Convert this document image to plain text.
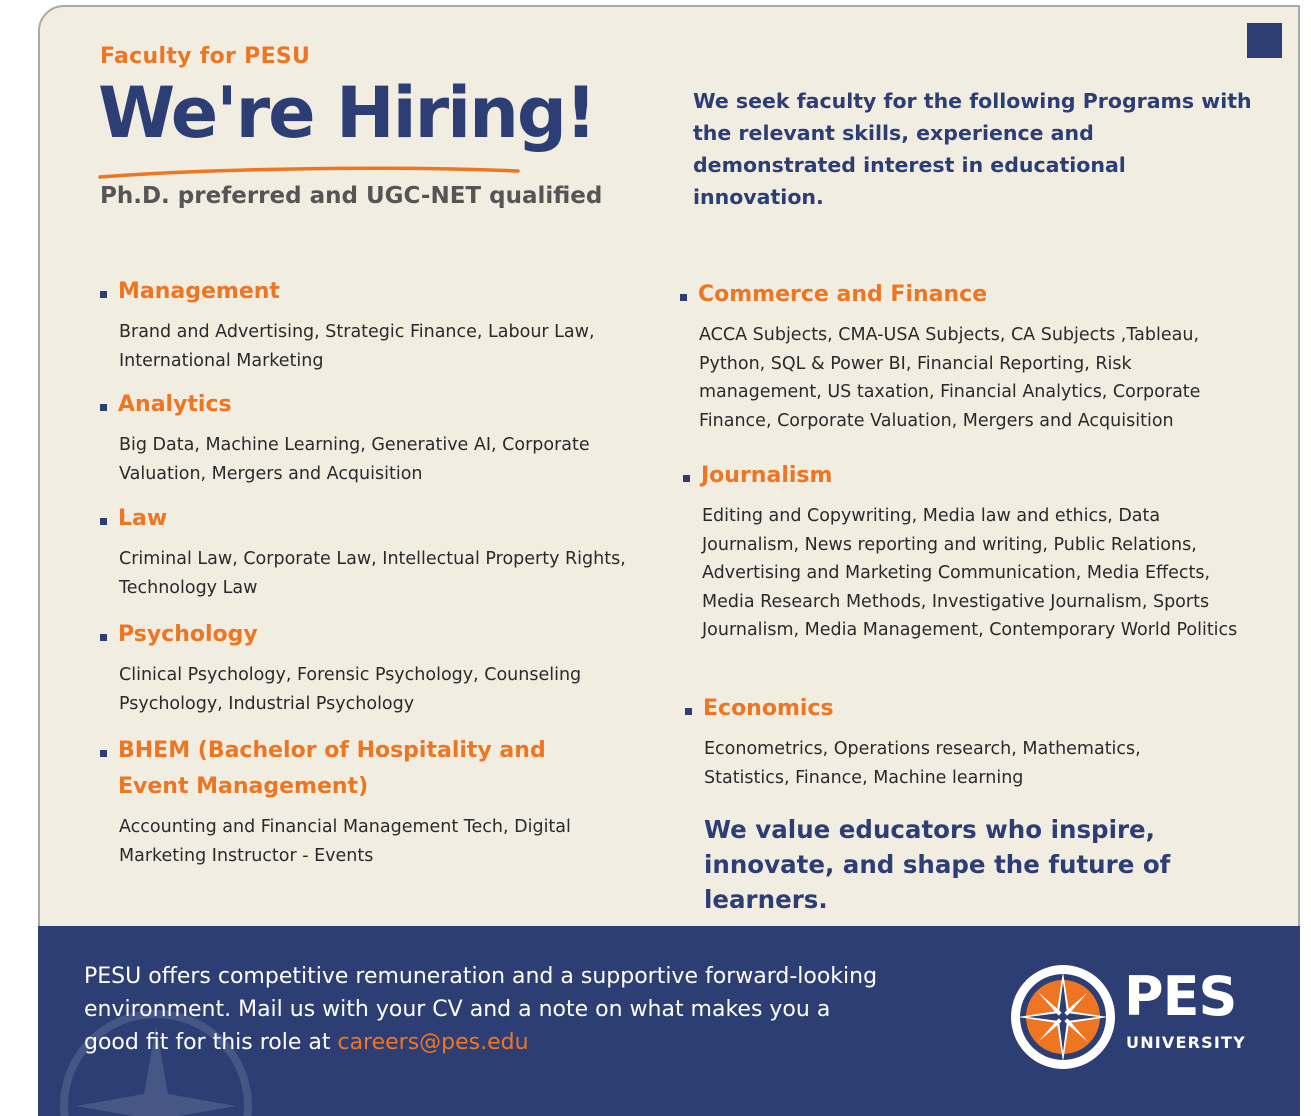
Faculty for PESU
We're Hiring!
Ph.D. preferred and UGC-NET qualified
We seek faculty for the following Programs with the relevant skills, experience and demonstrated interest in educational innovation.
Management
Brand and Advertising, Strategic Finance, Labour Law, International Marketing
Analytics
Big Data, Machine Learning, Generative AI, Corporate Valuation, Mergers and Acquisition
Law
Criminal Law, Corporate Law, Intellectual Property Rights, Technology Law
Psychology
Clinical Psychology, Forensic Psychology, Counseling Psychology, Industrial Psychology
BHEM (Bachelor of Hospitality and Event Management)
Accounting and Financial Management Tech, Digital Marketing Instructor - Events
Commerce and Finance
ACCA Subjects, CMA-USA Subjects, CA Subjects ,Tableau, Python, SQL & Power BI, Financial Reporting, Risk management, US taxation, Financial Analytics, Corporate Finance, Corporate Valuation, Mergers and Acquisition
Journalism
Editing and Copywriting, Media law and ethics, Data Journalism, News reporting and writing, Public Relations, Advertising and Marketing Communication, Media Effects, Media Research Methods, Investigative Journalism, Sports Journalism, Media Management, Contemporary World Politics
Economics
Econometrics, Operations research, Mathematics, Statistics, Finance, Machine learning
We value educators who inspire, innovate, and shape the future of learners.
PESU offers competitive remuneration and a supportive forward-looking environment. Mail us with your CV and a note on what makes you a good fit for this role at careers@pes.edu
PES
UNIVERSITY
